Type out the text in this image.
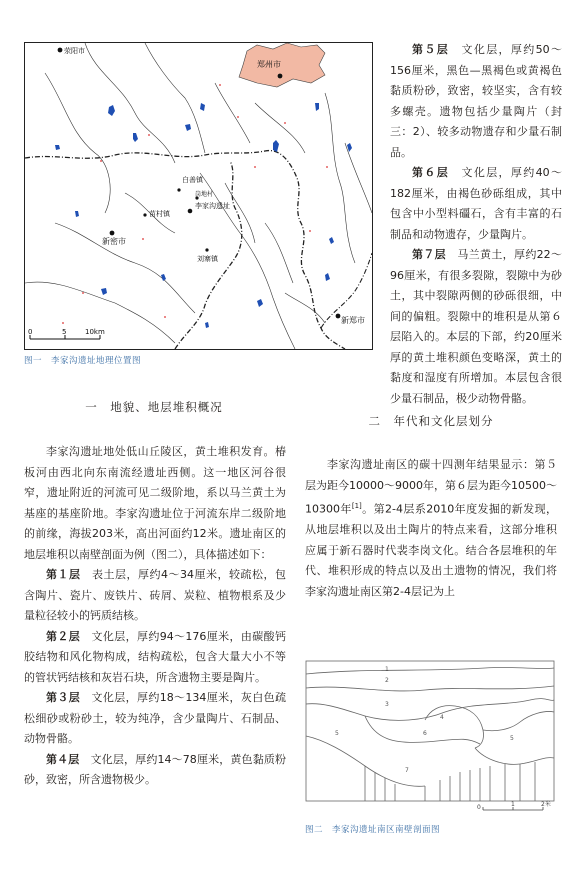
荥阳市
郑州市
白善镇
岗地村
李家沟遗址
苗村镇
新密市
刘寨镇
新郑市
0	5	10km
图一　李家沟遗址地理位置图

第５层　 文化层，厚约50～156厘米，黑色—黑褐色或黄褐色黏质粉砂，致密，较坚实，含有较多螺壳。遗物包括少量陶片（封三：2）、较多动物遗存和少量石制品。

第６层　 文化层，厚约40～182厘米，由褐色砂砾组成，其中包含中小型料礓石，含有丰富的石制品和动物遗存，少量陶片。

第７层　 马兰黄土，厚约22～96厘米，有很多裂隙，裂隙中为砂土，其中裂隙两侧的砂砾很细，中间的偏粗。裂隙中的堆积是从第６层陷入的。本层的下部，约20厘米厚的黄土堆积颜色变略深，黄土的黏度和湿度有所增加。本层包含很少量石制品，极少动物骨骼。

一　地貌、地层堆积概况
二　年代和文化层划分

李家沟遗址地处低山丘陵区，黄土堆积发育。椿板河由西北向东南流经遗址西侧。这一地区河谷很窄，遗址附近的河流可见二级阶地，系以马兰黄土为基座的基座阶地。李家沟遗址位于河流东岸二级阶地的前缘，海拔203米，高出河面约12米。遗址南区的地层堆积以南壁剖面为例（图二），具体描述如下：

第１层　 表土层，厚约4～34厘米，较疏松，包含陶片、瓷片、废铁片、砖屑、炭粒、植物根系及少量粒径较小的钙质结核。

第２层　 文化层，厚约94～176厘米，由碳酸钙胶结物和风化物构成，结构疏松，包含大量大小不等的管状钙结核和灰岩石块，所含遗物主要是陶片。

第３层　 文化层，厚约18～134厘米，灰白色疏松细砂或粉砂土，较为纯净，含少量陶片、石制品、动物骨骼。

第４层　 文化层，厚约14～78厘米，黄色黏质粉砂，致密，所含遗物极少。

李家沟遗址南区的碳十四测年结果显示：第５层为距今10000～9000年，第６层为距今10500～10300年[1]。第2-4层系2010年度发掘的新发现，从地层堆积以及出土陶片的特点来看，这部分堆积应属于新石器时代裴李岗文化。结合各层堆积的年代、堆积形成的特点以及出土遗物的情况，我们将李家沟遗址南区第2-4层记为上

1
2
3
4
5	6
5
7
0	1	2米
图二　李家沟遗址南区南壁剖面图
